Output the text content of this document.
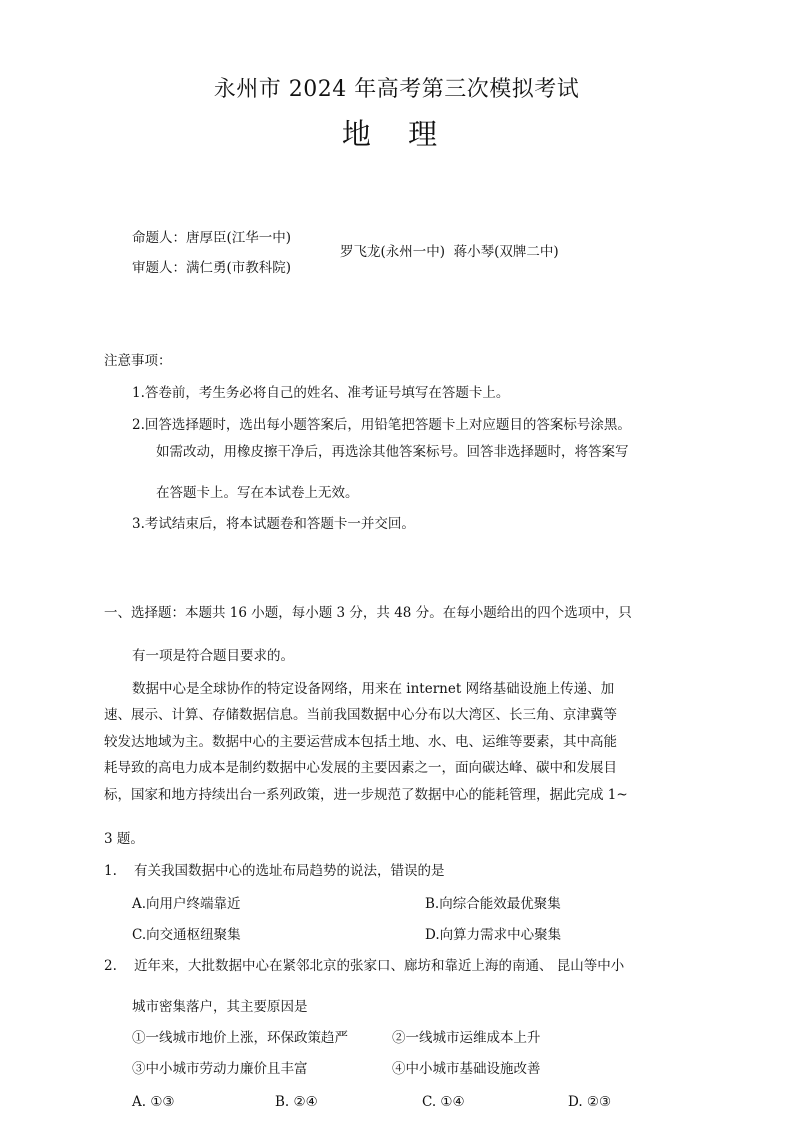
永州市 2024 年高考第三次模拟考试
地 理
命题人：唐厚臣(江华一中)
审题人：满仁勇(市教科院)
罗飞龙(永州一中)  蒋小琴(双牌二中)
注意事项：
1.答卷前，考生务必将自己的姓名、准考证号填写在答题卡上。
2.回答选择题时，选出每小题答案后，用铅笔把答题卡上对应题目的答案标号涂黑。
如需改动，用橡皮擦干净后，再选涂其他答案标号。回答非选择题时，将答案写
在答题卡上。写在本试卷上无效。
3.考试结束后，将本试题卷和答题卡一并交回。
一、选择题：本题共 16 小题，每小题 3 分，共 48 分。在每小题给出的四个选项中，只
有一项是符合题目要求的。
数据中心是全球协作的特定设备网络，用来在 internet 网络基础设施上传递、加
速、展示、计算、存储数据信息。当前我国数据中心分布以大湾区、长三角、京津冀等
较发达地域为主。数据中心的主要运营成本包括土地、水、电、运维等要素，其中高能
耗导致的高电力成本是制约数据中心发展的主要因素之一，面向碳达峰、碳中和发展目
标，国家和地方持续出台一系列政策，进一步规范了数据中心的能耗管理，据此完成 1~
3 题。
1. 有关我国数据中心的选址布局趋势的说法，错误的是
A.向用户终端靠近	B.向综合能效最优聚集
C.向交通枢纽聚集	D.向算力需求中心聚集
2. 近年来，大批数据中心在紧邻北京的张家口、廊坊和靠近上海的南通、 昆山等中小
城市密集落户，其主要原因是
①一线城市地价上涨，环保政策趋严	②一线城市运维成本上升
③中小城市劳动力廉价且丰富	④中小城市基础设施改善
A. ①③	B. ②④	C. ①④	D. ②③
